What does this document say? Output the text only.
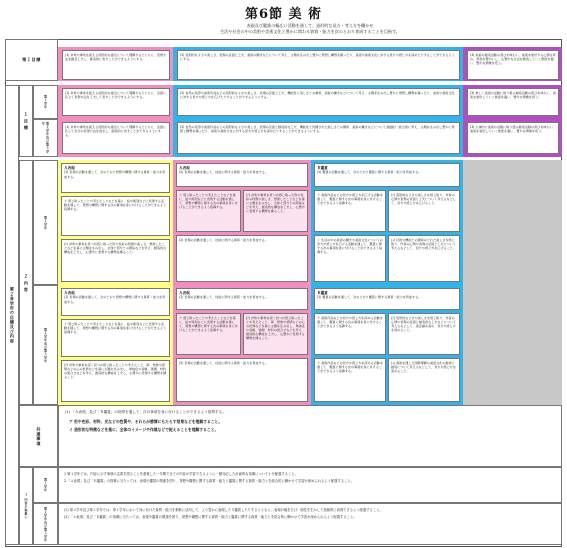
第6節 美 術
表現及び鑑賞の幅広い活動を通して、造形的な見方・考え方を働かせ
生活や社会の中の美術や美術文化と豊かに関わる資質・能力を次のとおり育成することを目指す。
第１目標
(1) 対象や事象を捉える造形的な視点について理解するとともに、表現方法を創意工夫し、創造的に表すことができるようにする。
(2) 造形的なよさや美しさ、表現の意図と工夫、美術の働きなどについて考え、主題を生み出し豊かに発想し構想を練ったり、美術や美術文化に対する見方や感じ方を深めたりすることができるようにする。
(3) 美術の創造活動の喜びを味わい、美術を愛好する心情を育み、感性を豊かにし、心豊かな生活を創造していく態度を養い、豊かな情操を培う。
第２各学年の目標及び内容
１ 目 標
第１学年
第２学年及び第３学年
(1) 対象や事象を捉える造形的な視点について理解するとともに、意図に応じて表現方法を工夫して表すことができるようにする。
(2) 自然の造形や美術作品などの造形的なよさや美しさ、表現の意図と工夫、機能性と美しさとの調和、美術の働きなどについて考え、主題を生み出し豊かに発想し構想を練ったり、美術や美術文化に対する見方や感じ方を広げたりすることができるようにする。
(3) 楽しく美術の活動に取り組み創造活動の喜びを味わい、美術を愛好していく態度を養い、豊かな情操を培う。
(1) 対象や事象を捉える造形的な視点について理解するとともに、意図に応じて自分の表現方法を追求し、創造的に表すことができるようにする。
(2) 自然の造形や美術作品などの造形的なよさや美しさ、表現の意図と創造的な工夫、機能性と洗練された美しさとの調和、美術の働きなどについて独創的・総合的に考え、主題を生み出し豊かに発想し構想を練ったり、美術や美術文化に対する見方や感じ方を深めたりすることができるようにする。
(3) 主体的に美術の活動に取り組み創造活動の喜びを味わい、美術を愛好していく態度を養い、豊かな情操を培う。
２ 内 容
第１学年
第２学年及び第３学年
Ａ表現
(1) 表現の活動を通して、次のとおり発想や構想に関する資質・能力を育成する。
ア 感じ取ったことや考えたことなどを基に、絵や彫刻などに表現する活動を通して、発想や構想に関する次の事項を身に付けることができるよう指導する。
(ｱ) 対象や事象を見つめ感じ取った形や色彩の特徴や美しさ、想像したことなどを基に主題を生み出し、全体と部分との関係などを考え、創造的な構成を工夫し、心豊かに表現する構想を練ること。
Ａ表現
(2) 表現の活動を通して、技能に関する資質・能力を育成する。
ア 感じ取ったことや考えたことなどを基に、絵や彫刻などに表現する活動を通して、発想や構想に関する次の事項を身に付けることができるよう指導する。
(ｱ) 対象や事象を見つめ感じ取った形や色彩の特徴や美しさ、想像したことなどを基に主題を生み出し、全体と部分との関係などを考え、創造的な構成を工夫し、心豊かに表現する構想を練ること。
(2) 表現の活動を通して、技能に関する資質・能力を育成する。
Ｂ鑑賞
(1) 鑑賞の活動を通して、次のとおり鑑賞に関する資質・能力を育成する。
ア 美術作品などの見方や感じ方を広げる活動を通して、鑑賞に関する次の事項を身に付けることができるよう指導する。
(ｱ) 造形的なよさや美しさを感じ取り、作者の心情や表現の意図と工夫について考えるなどして、見方や感じ方を広げること。
イ 生活の中の美術の働きや美術文化についての見方や感じ方を広げる活動を通して、鑑賞に関する次の事項を身に付けることができるよう指導する。
(ｲ) 目的や機能との調和のとれた美しさを感じ取り、作者の心情や表現の意図と工夫について考えるなどして、見方や感じ方を広げること。
Ａ表現
(1) 表現の活動を通して、次のとおり発想や構想に関する資質・能力を育成する。
ア 感じ取ったことや考えたことなどを基に、絵や彫刻などに表現する活動を通して、発想や構想に関する次の事項を身に付けることができるよう指導する。
(ｱ) 対象や事象を深く見つめ感じ取ったことや考えたこと、夢、想像や感情などの心の世界などを基に主題を生み出し、単純化や省略、強調、材料の組合せなどを考え、創造的な構成を工夫し、心豊かに表現する構想を練ること。
Ａ表現
(2) 表現の活動を通して、技能に関する資質・能力を育成する。
ア 感じ取ったことや考えたことなどを基に、絵や彫刻などに表現する活動を通して、発想や構想に関する次の事項を身に付けることができるよう指導する。
(ｱ) 対象や事象を深く見つめ感じ取ったことや考えたこと、夢、想像や感情などの心の世界などを基に主題を生み出し、単純化や省略、強調、材料の組合せなどを考え、創造的な構成を工夫し、心豊かに表現する構想を練ること。
(2) 表現の活動を通して、技能に関する資質・能力を育成する。
Ｂ鑑賞
(1) 鑑賞の活動を通して、次のとおり鑑賞に関する資質・能力を育成する。
ア 美術作品などの見方や感じ方を深める活動を通して、鑑賞に関する次の事項を身に付けることができるよう指導する。
(ｱ) 造形的なよさや美しさを感じ取り、作者の心情や表現の意図と創造的な工夫などについて考えるなどして、美意識を高め、見方や感じ方を深めること。
ア 美術作品などの見方や感じ方を深める活動を通して、鑑賞に関する次の事項を身に付けることができるよう指導する。
(ｲ) 美術を通した国際理解や美術文化の継承と創造について考えるなどして、見方や感じ方を深めること。
共通事項
(1) 「Ａ表現」及び「Ｂ鑑賞」の指導を通して、次の事項を身に付けることができるよう指導する。
ア 形や色彩、材料、光などの性質や、それらが感情にもたらす効果などを理解すること。
イ 造形的な特徴などを基に、全体のイメージや作風などで捉えることを理解すること。
３ 内容の取扱い
第１学年
第２学年及び第３学年
1 第１学年では、内容に示す事項の定着を図ることを重視した一年間で全ての内容が学習できるように一層対応した計画的な指導について十分配慮すること。
2 「Ａ表現」及び「Ｂ鑑賞」の指導に当たっては、表現や鑑賞の関連を図り、発想や構想に関する資質・能力と鑑賞に関する資質・能力とを総合的に働かせて学習が深められるよう配慮すること。
(1) 第２学年及び第３学年では、第１学年において身に付けた資質・能力を柔軟に活用して、より豊かに表現したり鑑賞したりするとともに、表現の幅を広げ、個性を生かして独創的に表現できるよう配慮すること。
(2) 「Ａ表現」及び「Ｂ鑑賞」の指導に当たっては、表現や鑑賞の関連を図り、発想や構想に関する資質・能力と鑑賞に関する資質・能力とを総合的に働かせて学習が深められるよう配慮すること。
